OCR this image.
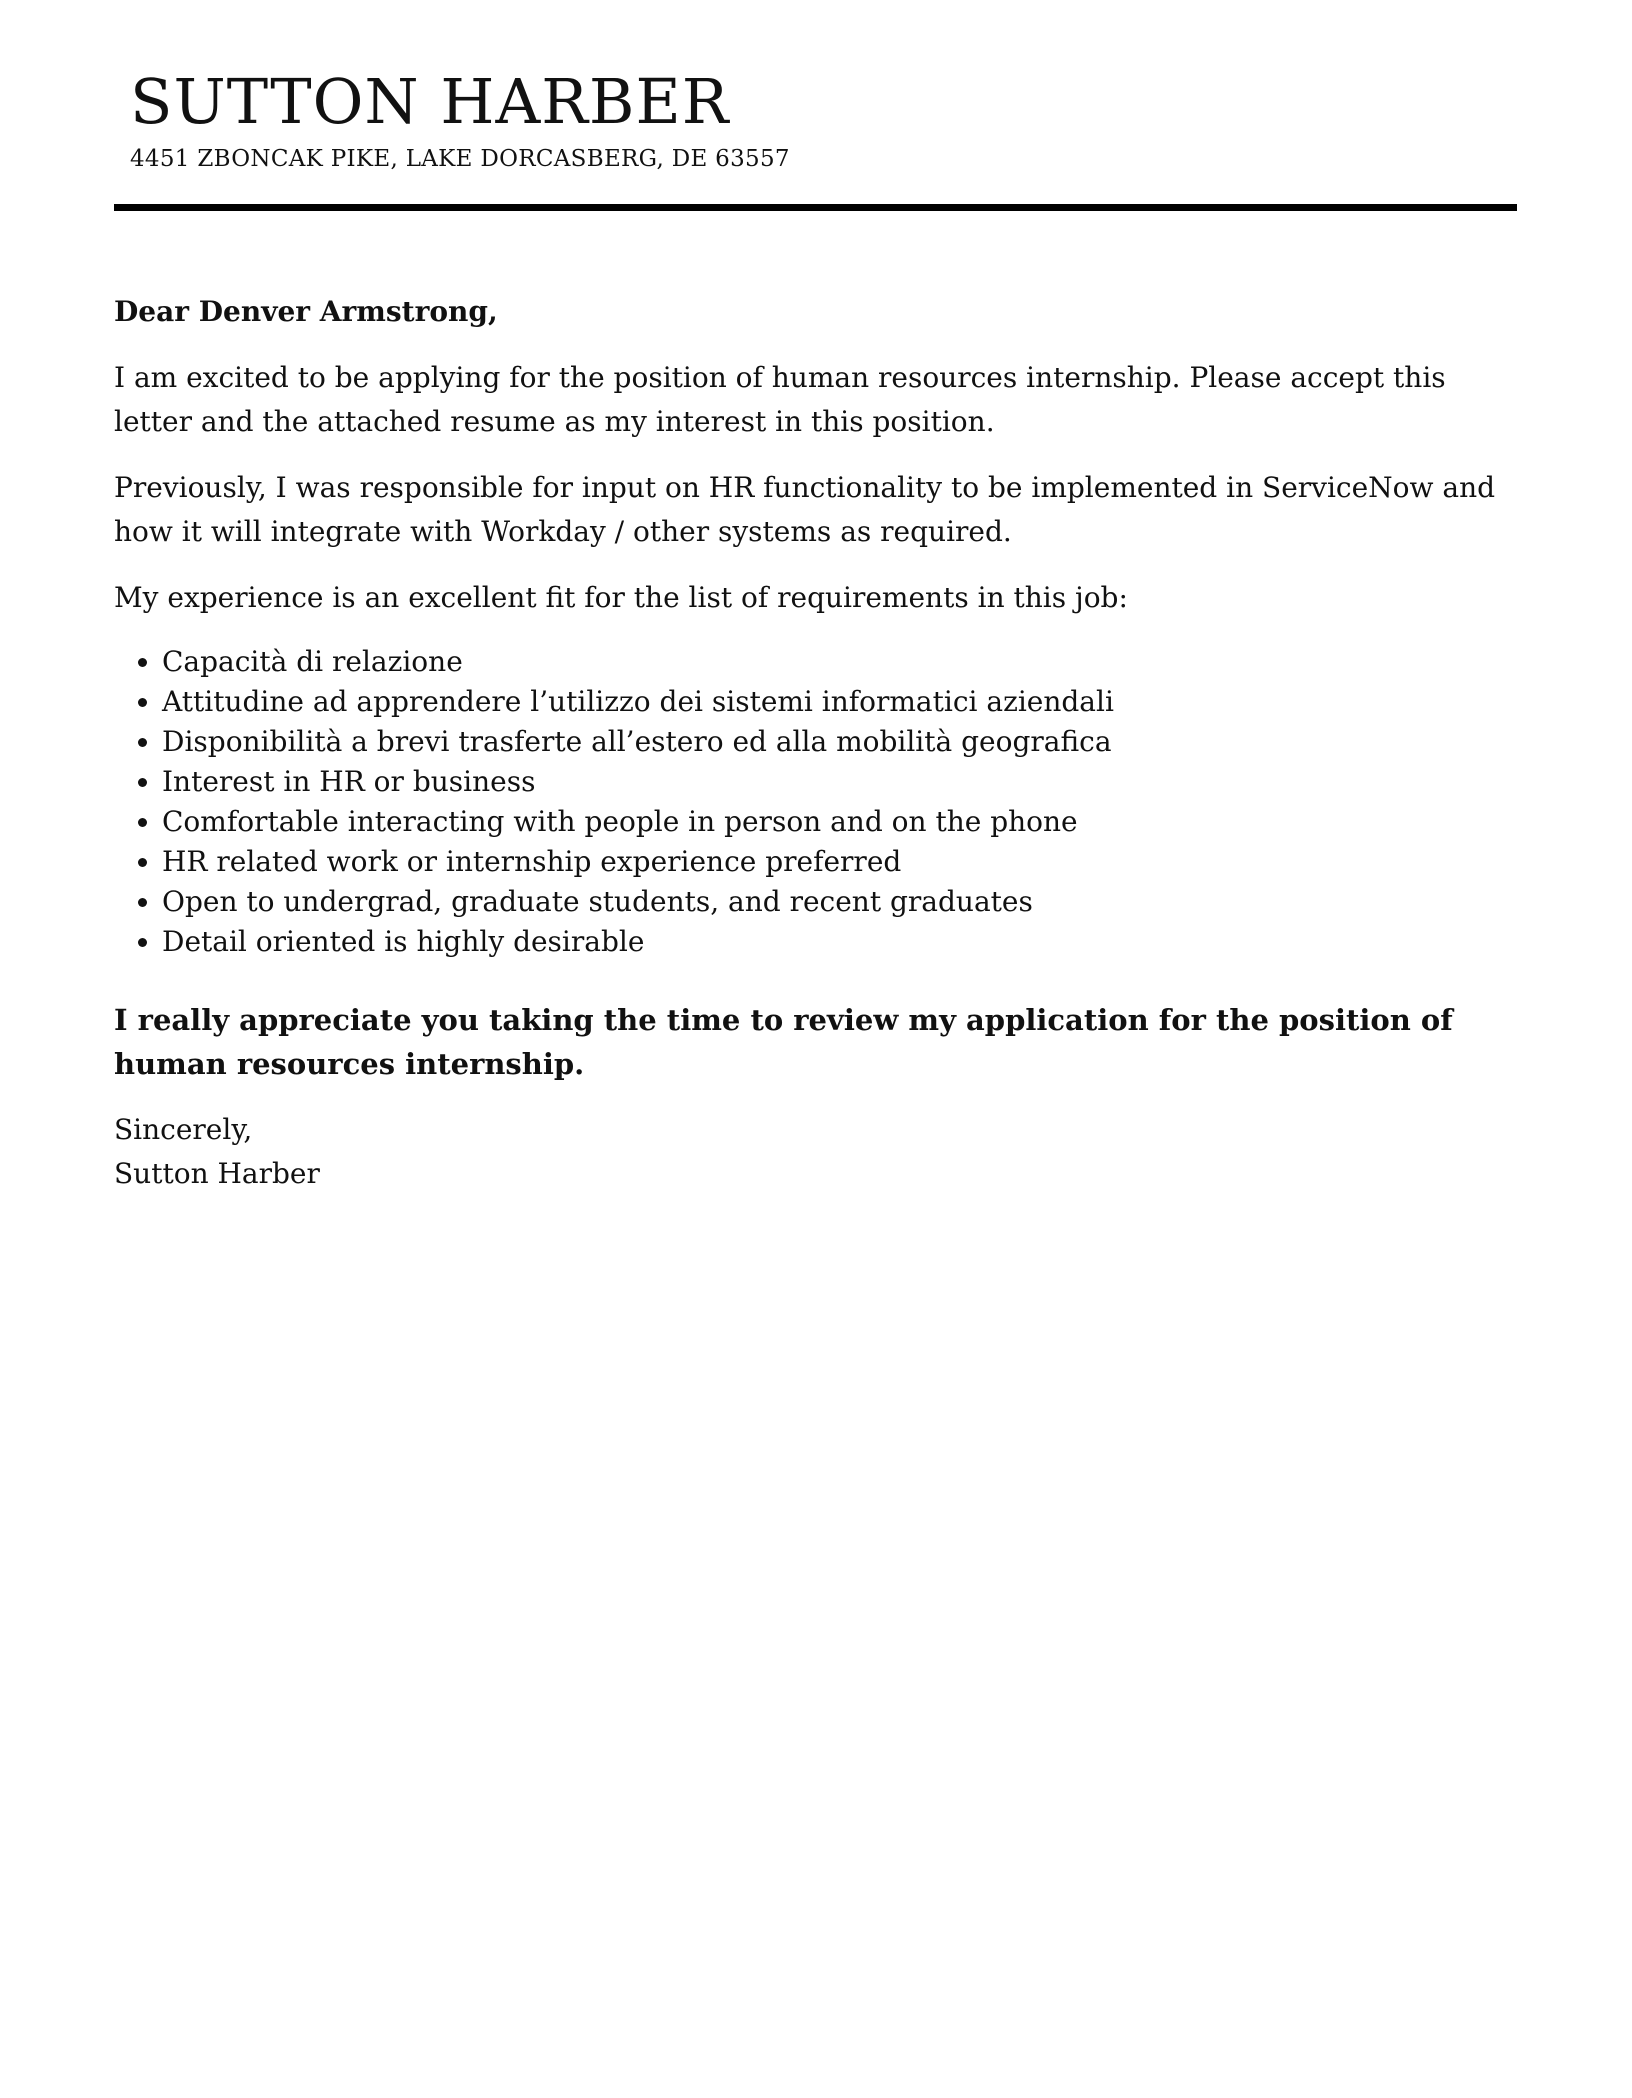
SUTTON HARBER
4451 ZBONCAK PIKE, LAKE DORCASBERG, DE 63557

Dear Denver Armstrong,

I am excited to be applying for the position of human resources internship. Please accept this letter and the attached resume as my interest in this position.

Previously, I was responsible for input on HR functionality to be implemented in ServiceNow and how it will integrate with Workday / other systems as required.

My experience is an excellent fit for the list of requirements in this job:

• Capacità di relazione
• Attitudine ad apprendere l’utilizzo dei sistemi informatici aziendali
• Disponibilità a brevi trasferte all’estero ed alla mobilità geografica
• Interest in HR or business
• Comfortable interacting with people in person and on the phone
• HR related work or internship experience preferred
• Open to undergrad, graduate students, and recent graduates
• Detail oriented is highly desirable

I really appreciate you taking the time to review my application for the position of human resources internship.

Sincerely,
Sutton Harber
